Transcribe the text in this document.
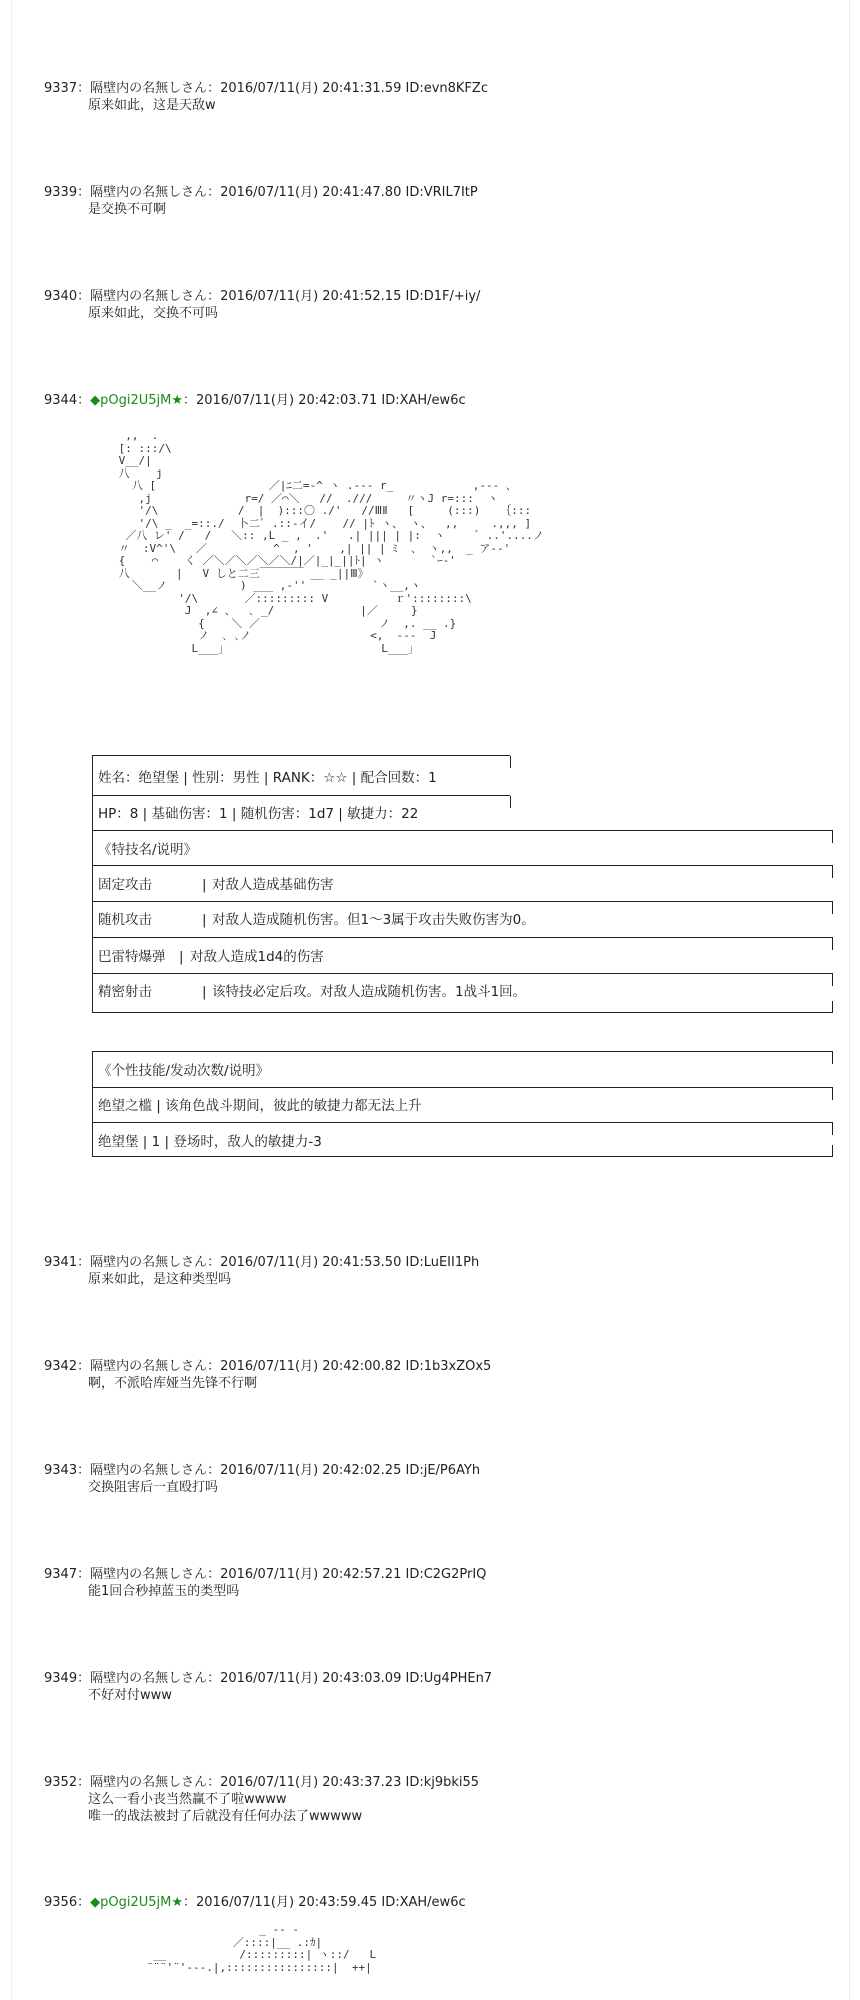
9337：隔壁内の名無しさん：2016/07/11(月) 20:41:31.59 ID:evn8KFZc
原来如此，这是天敌w
9339：隔壁内の名無しさん：2016/07/11(月) 20:41:47.80 ID:VRIL7ItP
是交换不可啊
9340：隔壁内の名無しさん：2016/07/11(月) 20:41:52.15 ID:D1F/+iy/
原来如此，交换不可吗
9344：◆pOgi2U5jM★：2016/07/11(月) 20:42:03.71 ID:XAH/ew6c
,,  .
[: :::/\
V__/|
八    j
八 [                 ／|ﾆ二=-^ ヽ .--- r_            ,--- 、
,j              r=/ ／⌒＼   //  .///     〃ヽJ r=:::  ヽ
'/\            /  |  ):::〇 ./'   //ⅢⅡ   [     (:::)   ｛:::
'/\ _  _=::./  卜二ﾞ .::-イ/    // |ﾄ ヽ、 ヽ、  ,,     .,,, ]
／八 レ' /   /   ＼:: ,L _ ,  .'   .| ||| | |:  ヽ     ﾞ ..'....ノ
〃  :V^'\   ／          ^  , '    ,| || | ﾐ  、 ヽ,,  _ ア--'
{    ⌒    く ／＼／＼／＼／＼/|／|_|_||ﾄ| ヽ       `ｰ-'
八       |   V しと二三￣￣￣￣ __ _||Ⅲ》
＼__ノ           ) ___ ,‐''          `ヽ__,ヽ
'/\       ／::::::::: V          ｒ'::::::::\
J  ,∠ 、  ､ _/             |／     }
{    ＼ ／                  ノ  ,. __ .}
ノ  ､ ､ノ                  <,  ---  J
L___」                       L___」
姓名：绝望堡 | 性别：男性 | RANK：☆☆ | 配合回数：1
HP：8 | 基础伤害：1 | 随机伤害：1d7 | 敏捷力：22
《特技名/说明》
固定攻击	| 对敌人造成基础伤害
随机攻击	| 对敌人造成随机伤害。但1～3属于攻击失败伤害为0。
巴雷特爆弹 | 对敌人造成1d4的伤害
精密射击	| 该特技必定后攻。对敌人造成随机伤害。1战斗1回。
《个性技能/发动次数/说明》
绝望之槛 | 该角色战斗期间，彼此的敏捷力都无法上升
绝望堡 | 1 | 登场时，敌人的敏捷力-3
9341：隔壁内の名無しさん：2016/07/11(月) 20:41:53.50 ID:LuEII1Ph
原来如此，是这种类型吗
9342：隔壁内の名無しさん：2016/07/11(月) 20:42:00.82 ID:1b3xZOx5
啊，不派哈库娅当先锋不行啊
9343：隔壁内の名無しさん：2016/07/11(月) 20:42:02.25 ID:jE/P6AYh
交换阻害后一直殴打吗
9347：隔壁内の名無しさん：2016/07/11(月) 20:42:57.21 ID:C2G2PrIQ
能1回合秒掉蓝玉的类型吗
9349：隔壁内の名無しさん：2016/07/11(月) 20:43:03.09 ID:Ug4PHEn7
不好对付www
9352：隔壁内の名無しさん：2016/07/11(月) 20:43:37.23 ID:kj9bki55
这么一看小丧当然赢不了啦wwww
唯一的战法被封了后就没有任何办法了wwwww
9356：◆pOgi2U5jM★：2016/07/11(月) 20:43:59.45 ID:XAH/ew6c
_ -- -
／::::|__ .:ｶ|
__           /:::::::::| ヽ::/   L
¨¨¨'¨'---.|,::::::::::::::::|  ++|
